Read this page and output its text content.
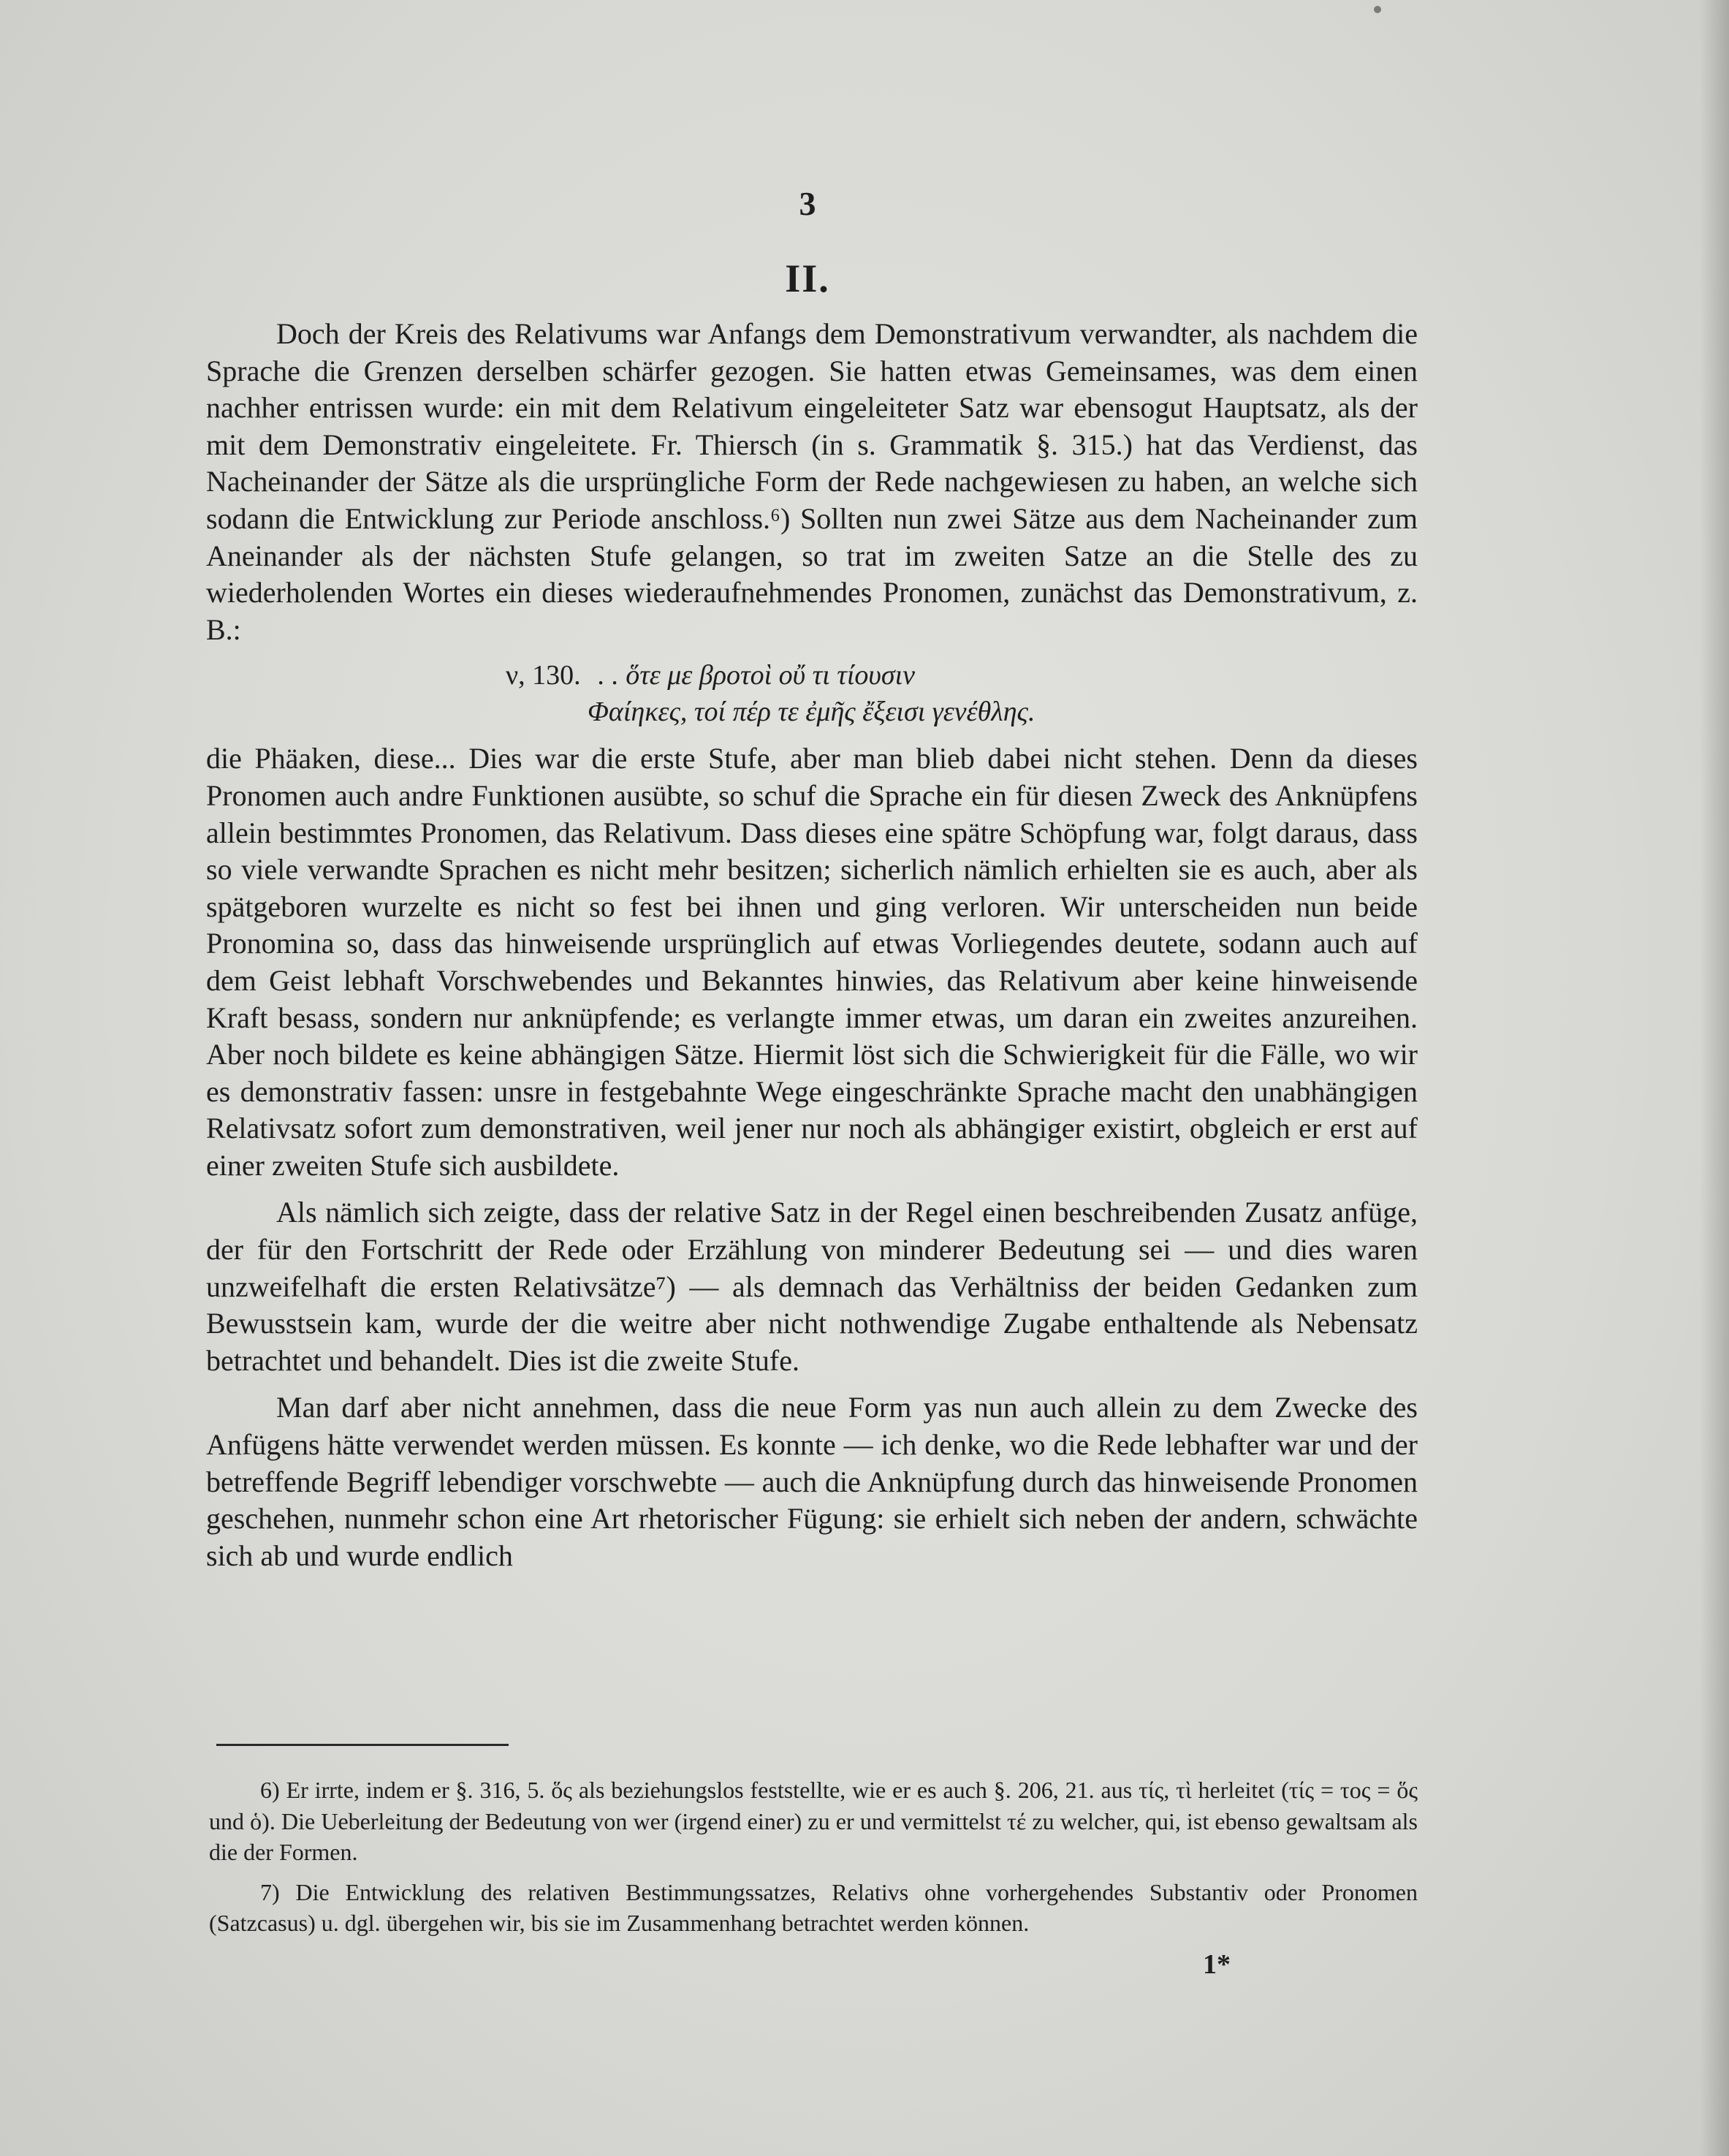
3
II.

Doch der Kreis des Relativums war Anfangs dem Demonstrativum verwandter, als nachdem die Sprache die Grenzen derselben schärfer gezogen. Sie hatten etwas Gemeinsames, was dem einen nachher entrissen wurde: ein mit dem Relativum eingeleiteter Satz war ebensogut Hauptsatz, als der mit dem Demonstrativ eingeleitete. Fr. Thiersch (in s. Grammatik §. 315.) hat das Verdienst, das Nacheinander der Sätze als die ursprüngliche Form der Rede nachgewiesen zu haben, an welche sich sodann die Entwicklung zur Periode anschloss.⁶) Sollten nun zwei Sätze aus dem Nacheinander zum Aneinander als der nächsten Stufe gelangen, so trat im zweiten Satze an die Stelle des zu wiederholenden Wortes ein dieses wiederaufnehmendes Pronomen, zunächst das Demonstrativum, z. B.:

ν, 130. . . ὅτε με βροτοὶ οὔ τι τίουσιν
Φαίηκες, τοί πέρ τε ἐμῆς ἔξεισι γενέθλης.

die Phäaken, diese... Dies war die erste Stufe, aber man blieb dabei nicht stehen. Denn da dieses Pronomen auch andre Funktionen ausübte, so schuf die Sprache ein für diesen Zweck des Anknüpfens allein bestimmtes Pronomen, das Relativum. Dass dieses eine spätre Schöpfung war, folgt daraus, dass so viele verwandte Sprachen es nicht mehr besitzen; sicherlich nämlich erhielten sie es auch, aber als spätgeboren wurzelte es nicht so fest bei ihnen und ging verloren. Wir unterscheiden nun beide Pronomina so, dass das hinweisende ursprünglich auf etwas Vorliegendes deutete, sodann auch auf dem Geist lebhaft Vorschwebendes und Bekanntes hinwies, das Relativum aber keine hinweisende Kraft besass, sondern nur anknüpfende; es verlangte immer etwas, um daran ein zweites anzureihen. Aber noch bildete es keine abhängigen Sätze. Hiermit löst sich die Schwierigkeit für die Fälle, wo wir es demonstrativ fassen: unsre in festgebahnte Wege eingeschränkte Sprache macht den unabhängigen Relativsatz sofort zum demonstrativen, weil jener nur noch als abhängiger existirt, obgleich er erst auf einer zweiten Stufe sich ausbildete.

Als nämlich sich zeigte, dass der relative Satz in der Regel einen beschreibenden Zusatz anfüge, der für den Fortschritt der Rede oder Erzählung von minderer Bedeutung sei — und dies waren unzweifelhaft die ersten Relativsätze⁷) — als demnach das Verhältniss der beiden Gedanken zum Bewusstsein kam, wurde der die weitre aber nicht nothwendige Zugabe enthaltende als Nebensatz betrachtet und behandelt. Dies ist die zweite Stufe.

Man darf aber nicht annehmen, dass die neue Form yas nun auch allein zu dem Zwecke des Anfügens hätte verwendet werden müssen. Es konnte — ich denke, wo die Rede lebhafter war und der betreffende Begriff lebendiger vorschwebte — auch die Anknüpfung durch das hinweisende Pronomen geschehen, nunmehr schon eine Art rhetorischer Fügung: sie erhielt sich neben der andern, schwächte sich ab und wurde endlich

6) Er irrte, indem er §. 316, 5. ὅς als beziehungslos feststellte, wie er es auch §. 206, 21. aus τίς, τὶ herleitet (τίς = τος = ὅς und ὁ). Die Ueberleitung der Bedeutung von wer (irgend einer) zu er und vermittelst τέ zu welcher, qui, ist ebenso gewaltsam als die der Formen.

7) Die Entwicklung des relativen Bestimmungssatzes, Relativs ohne vorhergehendes Substantiv oder Pronomen (Satzcasus) u. dgl. übergehen wir, bis sie im Zusammenhang betrachtet werden können.

1*
